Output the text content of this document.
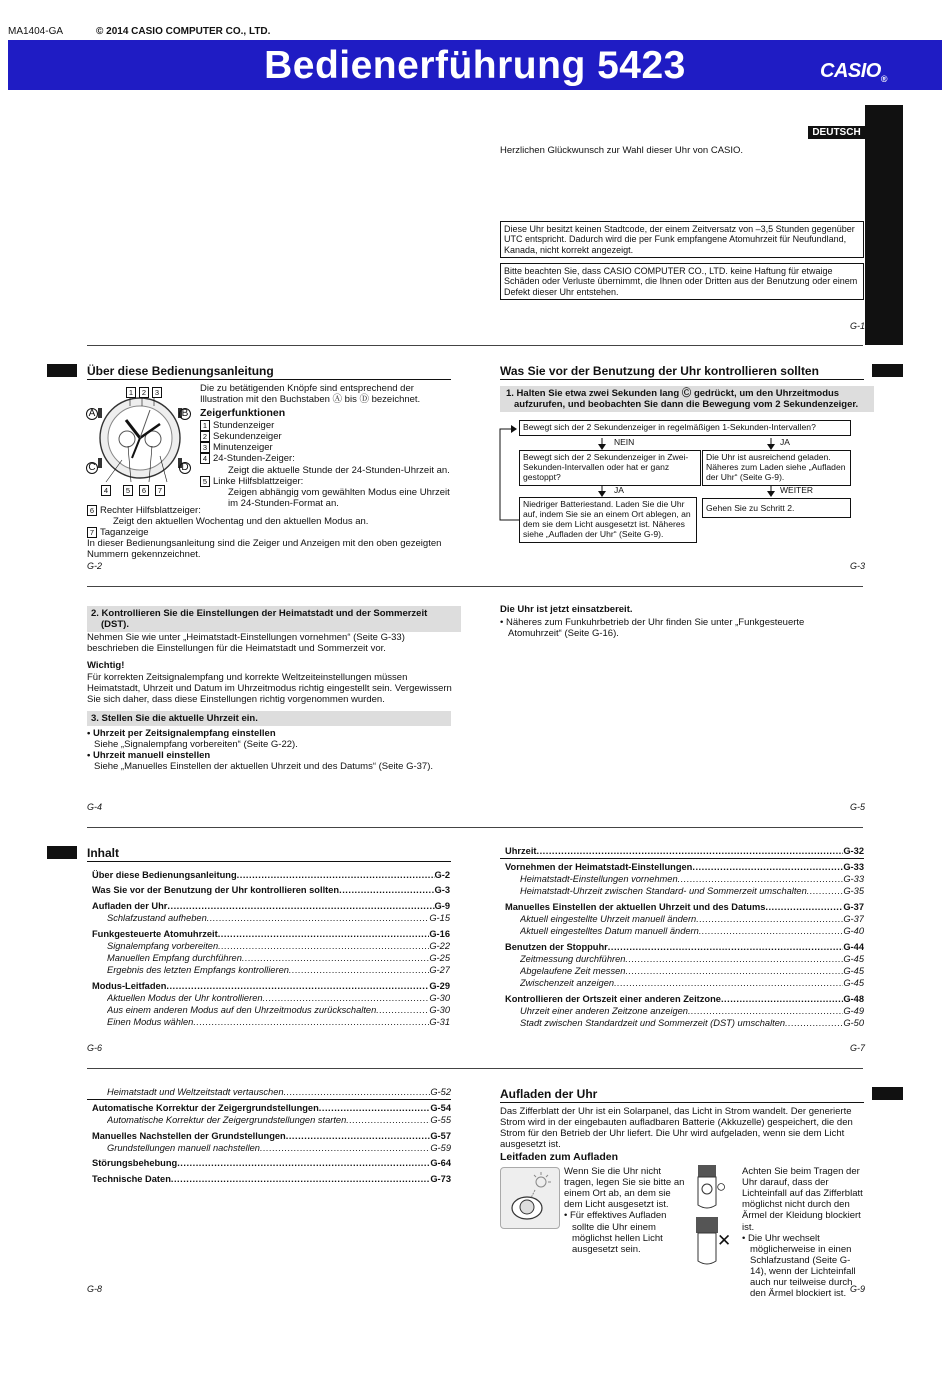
MA1404-GA	© 2014 CASIO COMPUTER CO., LTD.
Bedienerführung 5423	$CASIO_®$
DEUTSCH
Herzlichen Glückwunsch zur Wahl dieser Uhr von CASIO.
Diese Uhr besitzt keinen Stadtcode, der einem Zeitversatz von –3,5 Stunden gegenüber UTC entspricht. Dadurch wird die per Funk empfangene Atomuhrzeit für Neufundland, Kanada, nicht korrekt angezeigt.
Bitte beachten Sie, dass CASIO COMPUTER CO., LTD. keine Haftung für etwaige Schäden oder Verluste übernimmt, die Ihnen oder Dritten aus der Benutzung oder einem Defekt dieser Uhr entstehen.
G-1
Über diese Bedienungsanleitung
1 2 3
4 5 6 7
A
C
B
D
Die zu betätigenden Knöpfe sind entsprechend der Illustration mit den Buchstaben Ⓐ bis Ⓓ bezeichnet.
Zeigerfunktionen
1 Stundenzeiger
2 Sekundenzeiger
3 Minutenzeiger
4 24-Stunden-Zeiger:
Zeigt die aktuelle Stunde der 24-Stunden-Uhrzeit an.
5 Linke Hilfsblattzeiger:
Zeigen abhängig vom gewählten Modus eine Uhrzeit im 24-Stunden-Format an.
6 Rechter Hilfsblattzeiger:
Zeigt den aktuellen Wochentag und den aktuellen Modus an.
7 Taganzeige
In dieser Bedienungsanleitung sind die Zeiger und Anzeigen mit den oben gezeigten Nummern gekennzeichnet.
G-2
Was Sie vor der Benutzung der Uhr kontrollieren sollten
1. Halten Sie etwa zwei Sekunden lang Ⓒ gedrückt, um den Uhrzeitmodus aufzurufen, und beobachten Sie dann die Bewegung vom 2 Sekundenzeiger.
Bewegt sich der 2 Sekundenzeiger in regelmäßigen 1-Sekunden-Intervallen?
NEIN	JA
Bewegt sich der 2 Sekundenzeiger in Zwei-Sekunden-Intervallen oder hat er ganz gestoppt?
Die Uhr ist ausreichend geladen. Näheres zum Laden siehe „Aufladen der Uhr“ (Seite G-9).
JA	WEITER
Niedriger Batteriestand. Laden Sie die Uhr auf, indem Sie sie an einem Ort ablegen, an dem sie dem Licht ausgesetzt ist. Näheres siehe „Aufladen der Uhr“ (Seite G-9).
Gehen Sie zu Schritt 2.
G-3
2. Kontrollieren Sie die Einstellungen der Heimatstadt und der Sommerzeit (DST).
Nehmen Sie wie unter „Heimatstadt-Einstellungen vornehmen“ (Seite G-33) beschrieben die Einstellungen für die Heimatstadt und Sommerzeit vor.
Wichtig!
Für korrekten Zeitsignalempfang und korrekte Weltzeiteinstellungen müssen Heimatstadt, Uhrzeit und Datum im Uhrzeitmodus richtig eingestellt sein. Vergewissern Sie sich daher, dass diese Einstellungen richtig vorgenommen wurden.
3. Stellen Sie die aktuelle Uhrzeit ein.
• Uhrzeit per Zeitsignalempfang einstellen
Siehe „Signalempfang vorbereiten“ (Seite G-22).
• Uhrzeit manuell einstellen
Siehe „Manuelles Einstellen der aktuellen Uhrzeit und des Datums“ (Seite G-37).
G-4
Die Uhr ist jetzt einsatzbereit.
• Näheres zum Funkuhrbetrieb der Uhr finden Sie unter „Funkgesteuerte Atomuhrzeit“ (Seite G-16).
G-5
Inhalt
Über diese Bedienungsanleitung .....	G-2
Was Sie vor der Benutzung der Uhr kontrollieren sollten .....	G-3
Aufladen der Uhr .....	G-9
Schlafzustand aufheben .....	G-15
Funkgesteuerte Atomuhrzeit .....	G-16
Signalempfang vorbereiten .....	G-22
Manuellen Empfang durchführen .....	G-25
Ergebnis des letzten Empfangs kontrollieren .....	G-27
Modus-Leitfaden .....	G-29
Aktuellen Modus der Uhr kontrollieren .....	G-30
Aus einem anderen Modus auf den Uhrzeitmodus zurückschalten .....	G-30
Einen Modus wählen .....	G-31
G-6
Uhrzeit .....	G-32
Vornehmen der Heimatstadt-Einstellungen .....	G-33
Heimatstadt-Einstellungen vornehmen .....	G-33
Heimatstadt-Uhrzeit zwischen Standard- und Sommerzeit umschalten .....	G-35
Manuelles Einstellen der aktuellen Uhrzeit und des Datums .....	G-37
Aktuell eingestellte Uhrzeit manuell ändern .....	G-37
Aktuell eingestelltes Datum manuell ändern .....	G-40
Benutzen der Stoppuhr .....	G-44
Zeitmessung durchführen .....	G-45
Abgelaufene Zeit messen .....	G-45
Zwischenzeit anzeigen .....	G-45
Kontrollieren der Ortszeit einer anderen Zeitzone .....	G-48
Uhrzeit einer anderen Zeitzone anzeigen .....	G-49
Stadt zwischen Standardzeit und Sommerzeit (DST) umschalten .....	G-50
G-7
Heimatstadt und Weltzeitstadt vertauschen .....	G-52
Automatische Korrektur der Zeigergrundstellungen .....	G-54
Automatische Korrektur der Zeigergrundstellungen starten .....	G-55
Manuelles Nachstellen der Grundstellungen .....	G-57
Grundstellungen manuell nachstellen .....	G-59
Störungsbehebung .....	G-64
Technische Daten .....	G-73
G-8
Aufladen der Uhr
Das Zifferblatt der Uhr ist ein Solarpanel, das Licht in Strom wandelt. Der generierte Strom wird in der eingebauten aufladbaren Batterie (Akkuzelle) gespeichert, die den Strom für den Betrieb der Uhr liefert. Die Uhr wird aufgeladen, wenn sie dem Licht ausgesetzt ist.
Leitfaden zum Aufladen
Wenn Sie die Uhr nicht tragen, legen Sie sie bitte an einem Ort ab, an dem sie dem Licht ausgesetzt ist.
• Für effektives Aufladen sollte die Uhr einem möglichst hellen Licht ausgesetzt sein.
○
✕
Achten Sie beim Tragen der Uhr darauf, dass der Lichteinfall auf das Zifferblatt möglichst nicht durch den Ärmel der Kleidung blockiert ist.
• Die Uhr wechselt möglicherweise in einen Schlafzustand (Seite G-14), wenn der Lichteinfall auch nur teilweise durch den Ärmel blockiert ist. G-9
